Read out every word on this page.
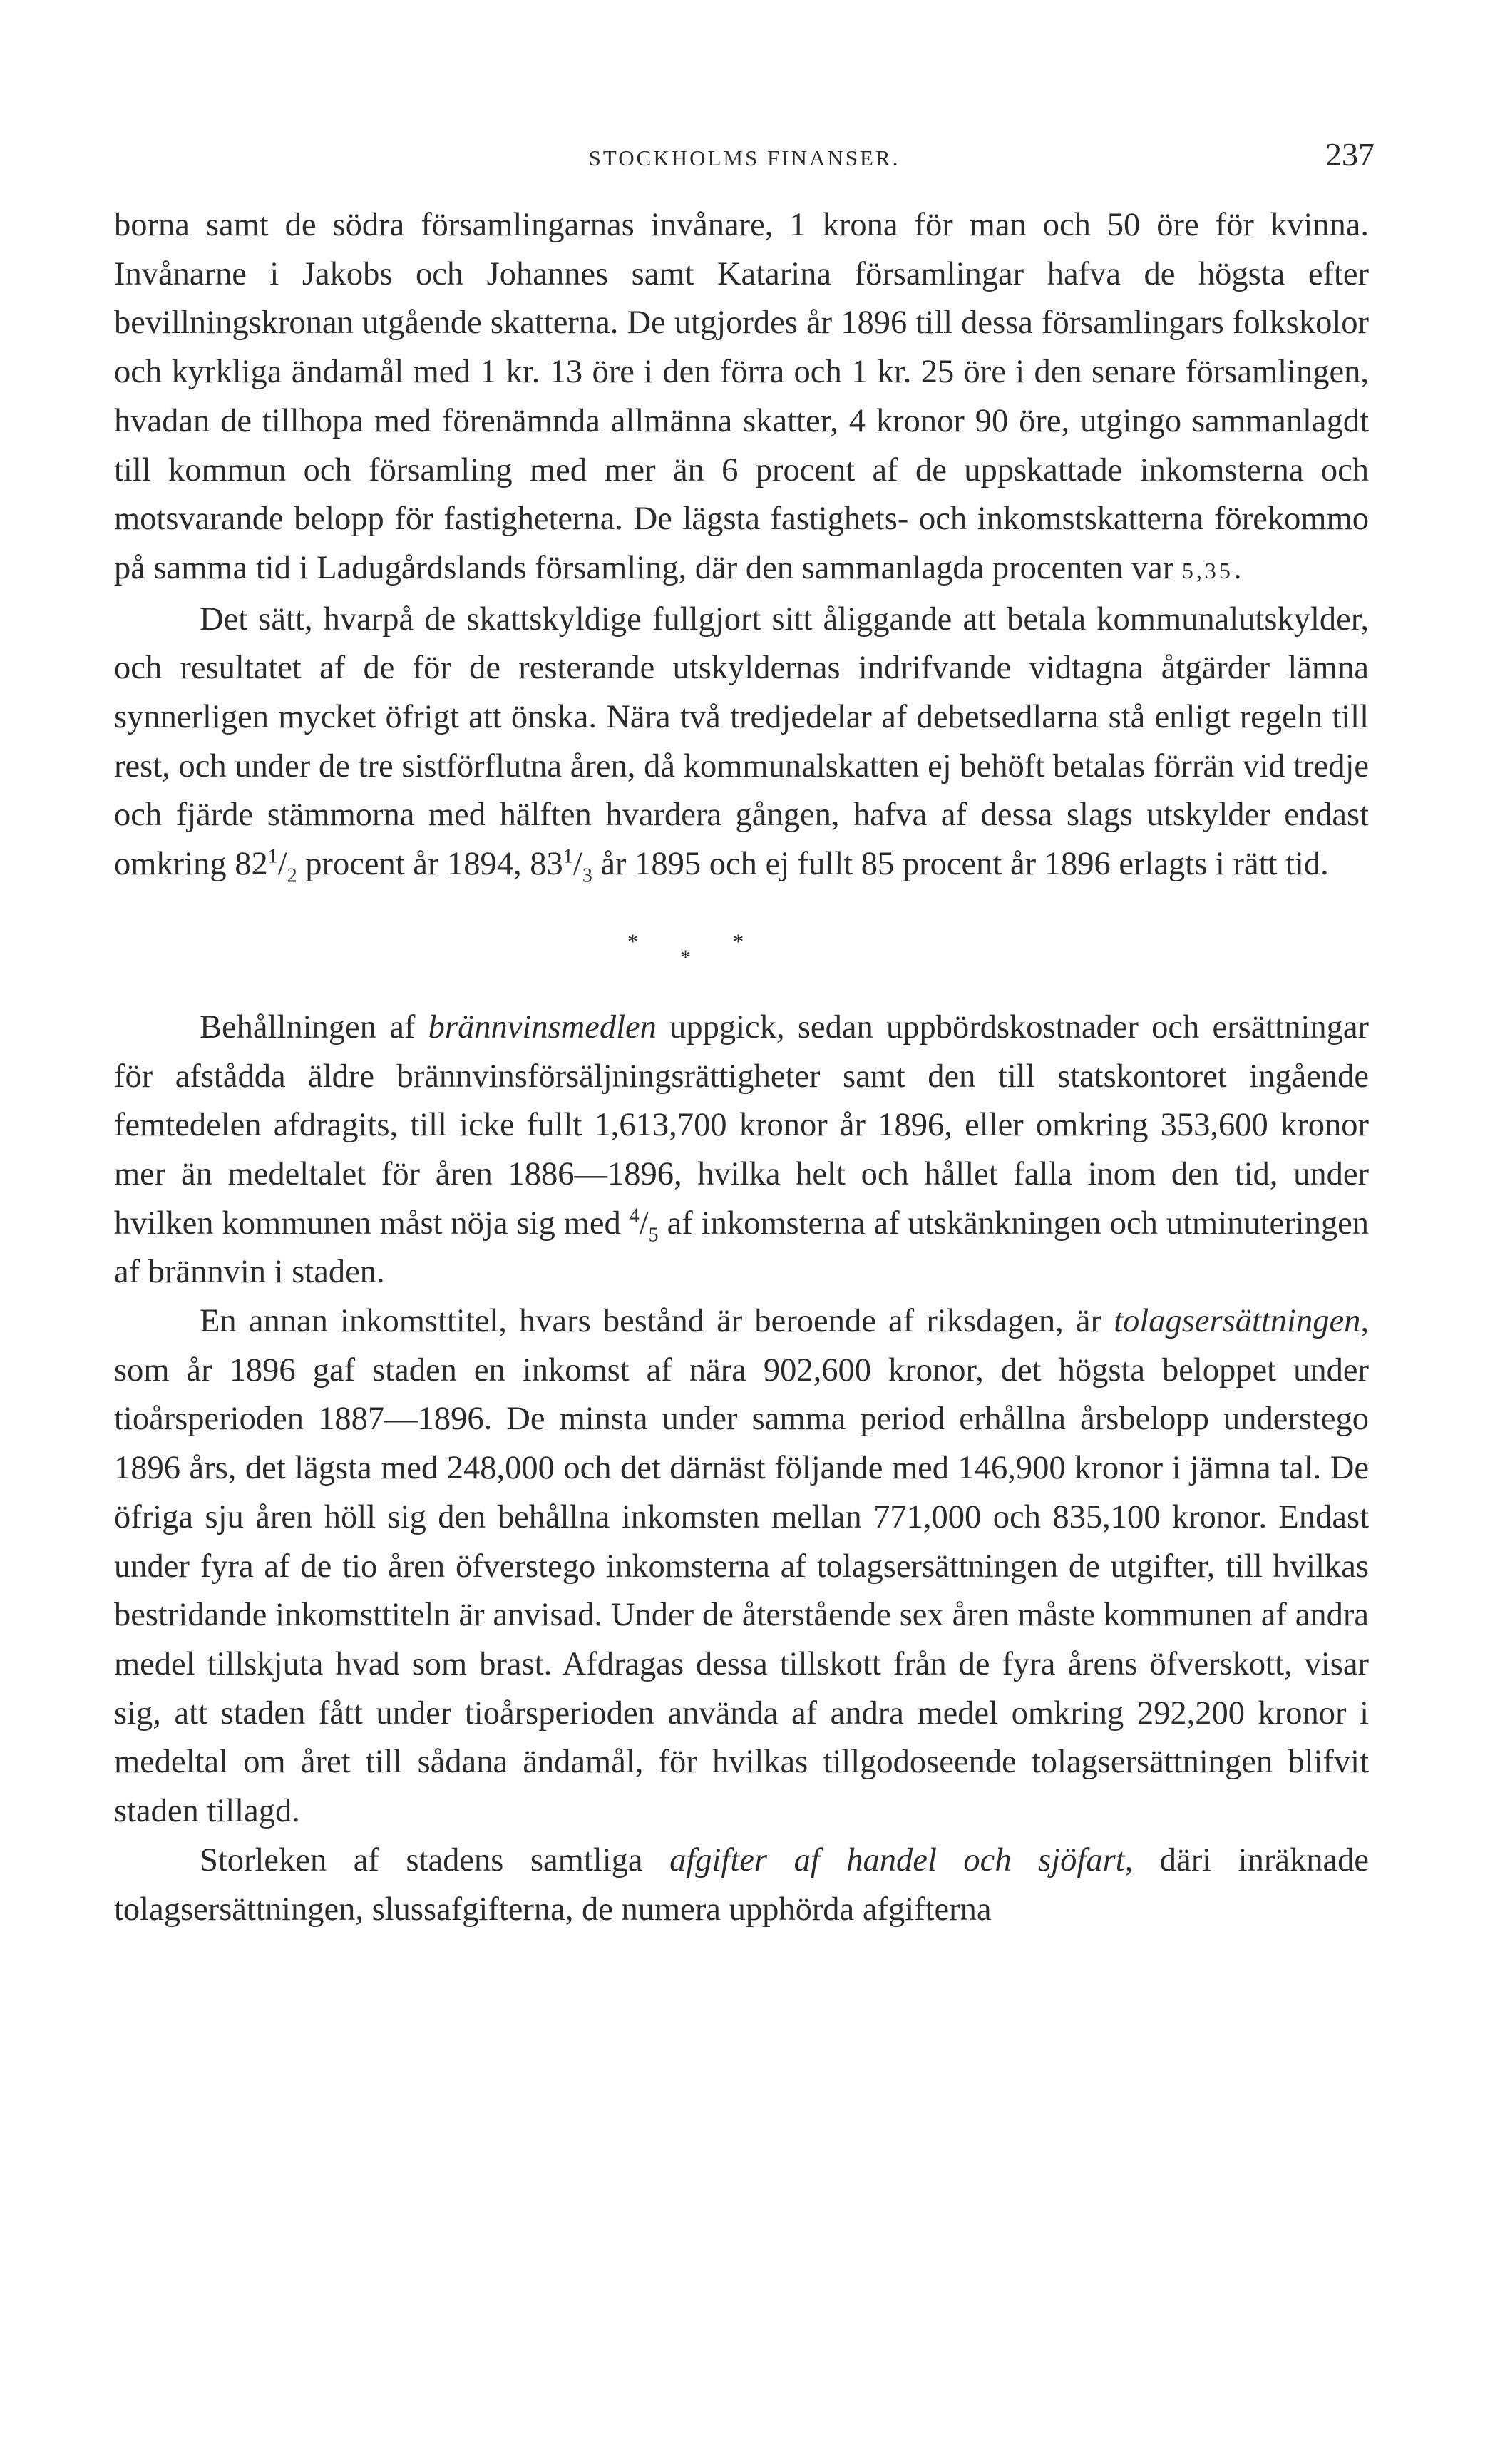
STOCKHOLMS FINANSER.	237

borna samt de södra församlingarnas invånare, 1 krona för man och 50 öre för kvinna. Invånarne i Jakobs och Johannes samt Katarina församlingar hafva de högsta efter bevillningskronan utgående skatterna. De utgjordes år 1896 till dessa församlingars folkskolor och kyrkliga ändamål med 1 kr. 13 öre i den förra och 1 kr. 25 öre i den senare församlingen, hvadan de tillhopa med förenämnda allmänna skatter, 4 kronor 90 öre, utgingo sammanlagdt till kommun och församling med mer än 6 procent af de uppskattade inkomsterna och motsvarande belopp för fastigheterna. De lägsta fastighets- och inkomstskatterna förekommo på samma tid i Ladugårdslands församling, där den sammanlagda procenten var 5,35.

Det sätt, hvarpå de skattskyldige fullgjort sitt åliggande att betala kommunalutskylder, och resultatet af de för de resterande utskyldernas indrifvande vidtagna åtgärder lämna synnerligen mycket öfrigt att önska. Nära två tredjedelar af debetsedlarna stå enligt regeln till rest, och under de tre sistförflutna åren, då kommunalskatten ej behöft betalas förrän vid tredje och fjärde stämmorna med hälften hvardera gången, hafva af dessa slags utskylder endast omkring $82^1/_2$ procent år 1894, $83^1/_3$ år 1895 och ej fullt 85 procent år 1896 erlagts i rätt tid.

*	*
*

Behållningen af brännvinsmedlen uppgick, sedan uppbördskostnader och ersättningar för afstådda äldre brännvinsförsäljningsrättigheter samt den till statskontoret ingående femtedelen afdragits, till icke fullt 1,613,700 kronor år 1896, eller omkring 353,600 kronor mer än medeltalet för åren 1886—1896, hvilka helt och hållet falla inom den tid, under hvilken kommunen måst nöja sig med $^4/_5$ af inkomsterna af utskänkningen och utminuteringen af brännvin i staden.

En annan inkomsttitel, hvars bestånd är beroende af riksdagen, är tolagsersättningen, som år 1896 gaf staden en inkomst af nära 902,600 kronor, det högsta beloppet under tioårsperioden 1887—1896. De minsta under samma period erhållna årsbelopp understego 1896 års, det lägsta med 248,000 och det därnäst följande med 146,900 kronor i jämna tal. De öfriga sju åren höll sig den behållna inkomsten mellan 771,000 och 835,100 kronor. Endast under fyra af de tio åren öfverstego inkomsterna af tolagsersättningen de utgifter, till hvilkas bestridande inkomsttiteln är anvisad. Under de återstående sex åren måste kommunen af andra medel tillskjuta hvad som brast. Afdragas dessa tillskott från de fyra årens öfverskott, visar sig, att staden fått under tioårsperioden använda af andra medel omkring 292,200 kronor i medeltal om året till sådana ändamål, för hvilkas tillgodoseende tolagsersättningen blifvit staden tillagd.

Storleken af stadens samtliga afgifter af handel och sjöfart, däri inräknade tolagsersättningen, slussafgifterna, de numera upphörda afgifterna
